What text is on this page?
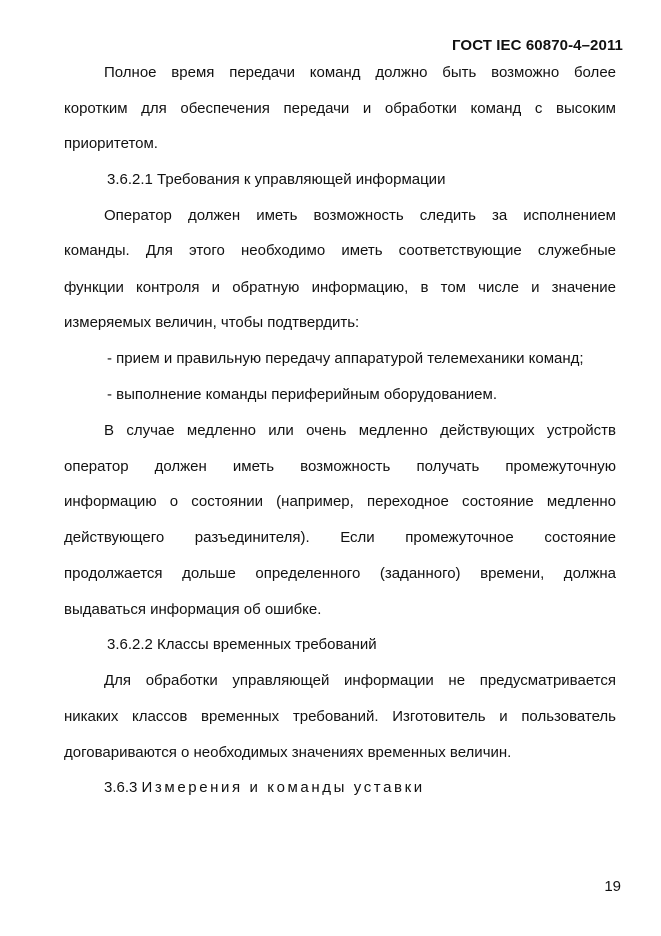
ГОСТ IEC 60870-4–2011
Полное время передачи команд должно быть возможно более
коротким для обеспечения передачи и обработки команд с высоким
приоритетом.
3.6.2.1 Требования к управляющей информации
Оператор должен иметь возможность следить за исполнением
команды. Для этого необходимо иметь соответствующие служебные
функции контроля и обратную информацию, в том числе и значение
измеряемых величин, чтобы подтвердить:
- прием и правильную передачу аппаратурой телемеханики команд;
- выполнение команды периферийным оборудованием.
В случае медленно или очень медленно действующих устройств
оператор должен иметь возможность получать промежуточную
информацию о состоянии (например, переходное состояние медленно
действующего разъединителя). Если промежуточное состояние
продолжается дольше определенного (заданного) времени, должна
выдаваться информация об ошибке.
3.6.2.2 Классы временных требований
Для обработки управляющей информации не предусматривается
никаких классов временных требований. Изготовитель и пользователь
договариваются о необходимых значениях временных величин.
3.6.3 Измерения и команды уставки
19
